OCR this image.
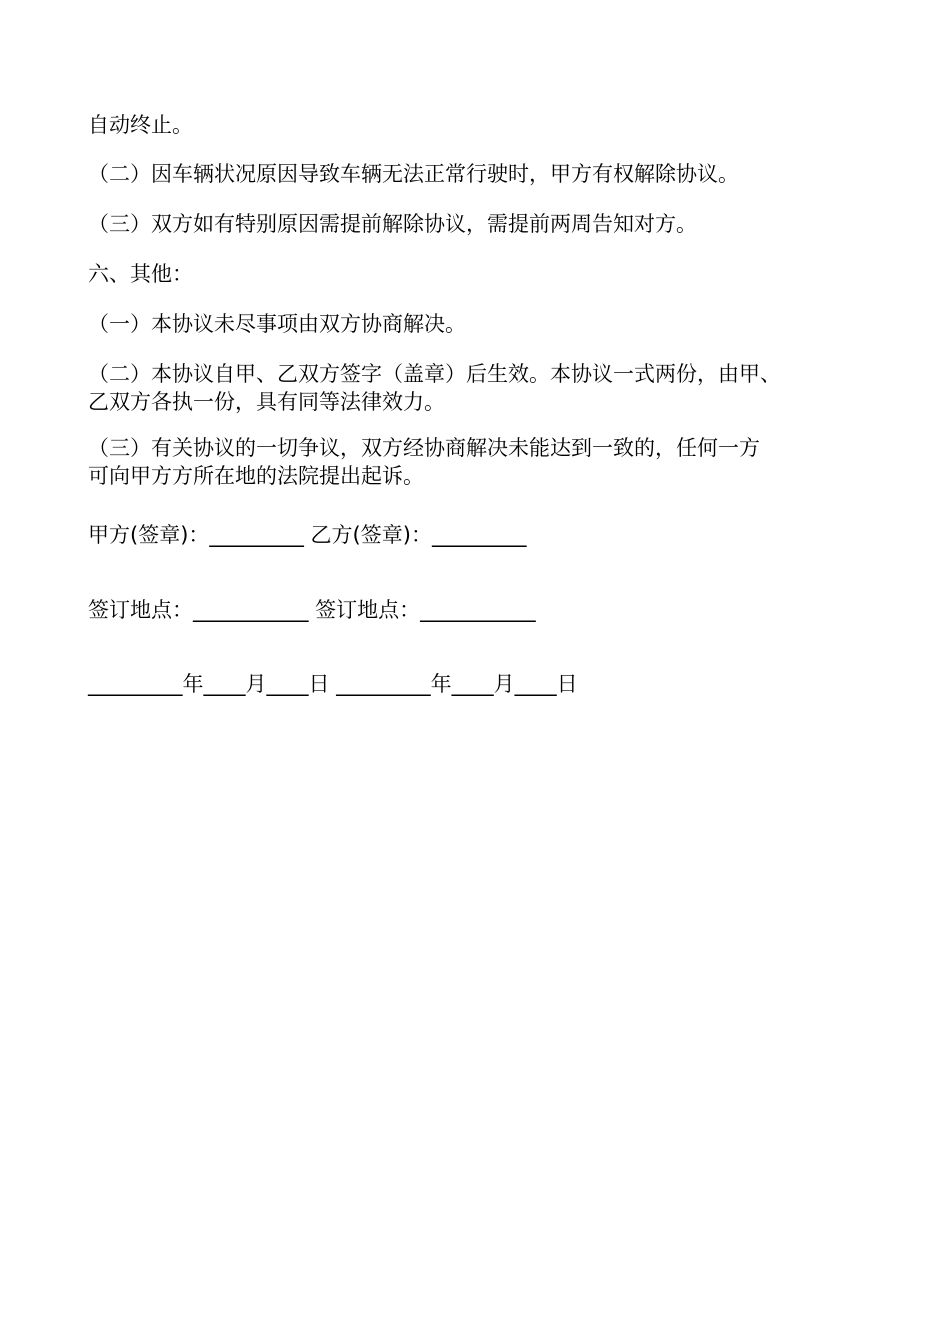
自动终止。
（二）因车辆状况原因导致车辆无法正常行驶时，甲方有权解除协议。
（三）双方如有特别原因需提前解除协议，需提前两周告知对方。
六、其他：
（一）本协议未尽事项由双方协商解决。
（二）本协议自甲、乙双方签字（盖章）后生效。本协议一式两份，由甲、
乙双方各执一份，具有同等法律效力。
（三）有关协议的一切争议，双方经协商解决未能达到一致的，任何一方
可向甲方方所在地的法院提出起诉。
甲方(签章)：_________ 乙方(签章)：_________
签订地点：___________ 签订地点：___________
_________年____月____日 _________年____月____日
